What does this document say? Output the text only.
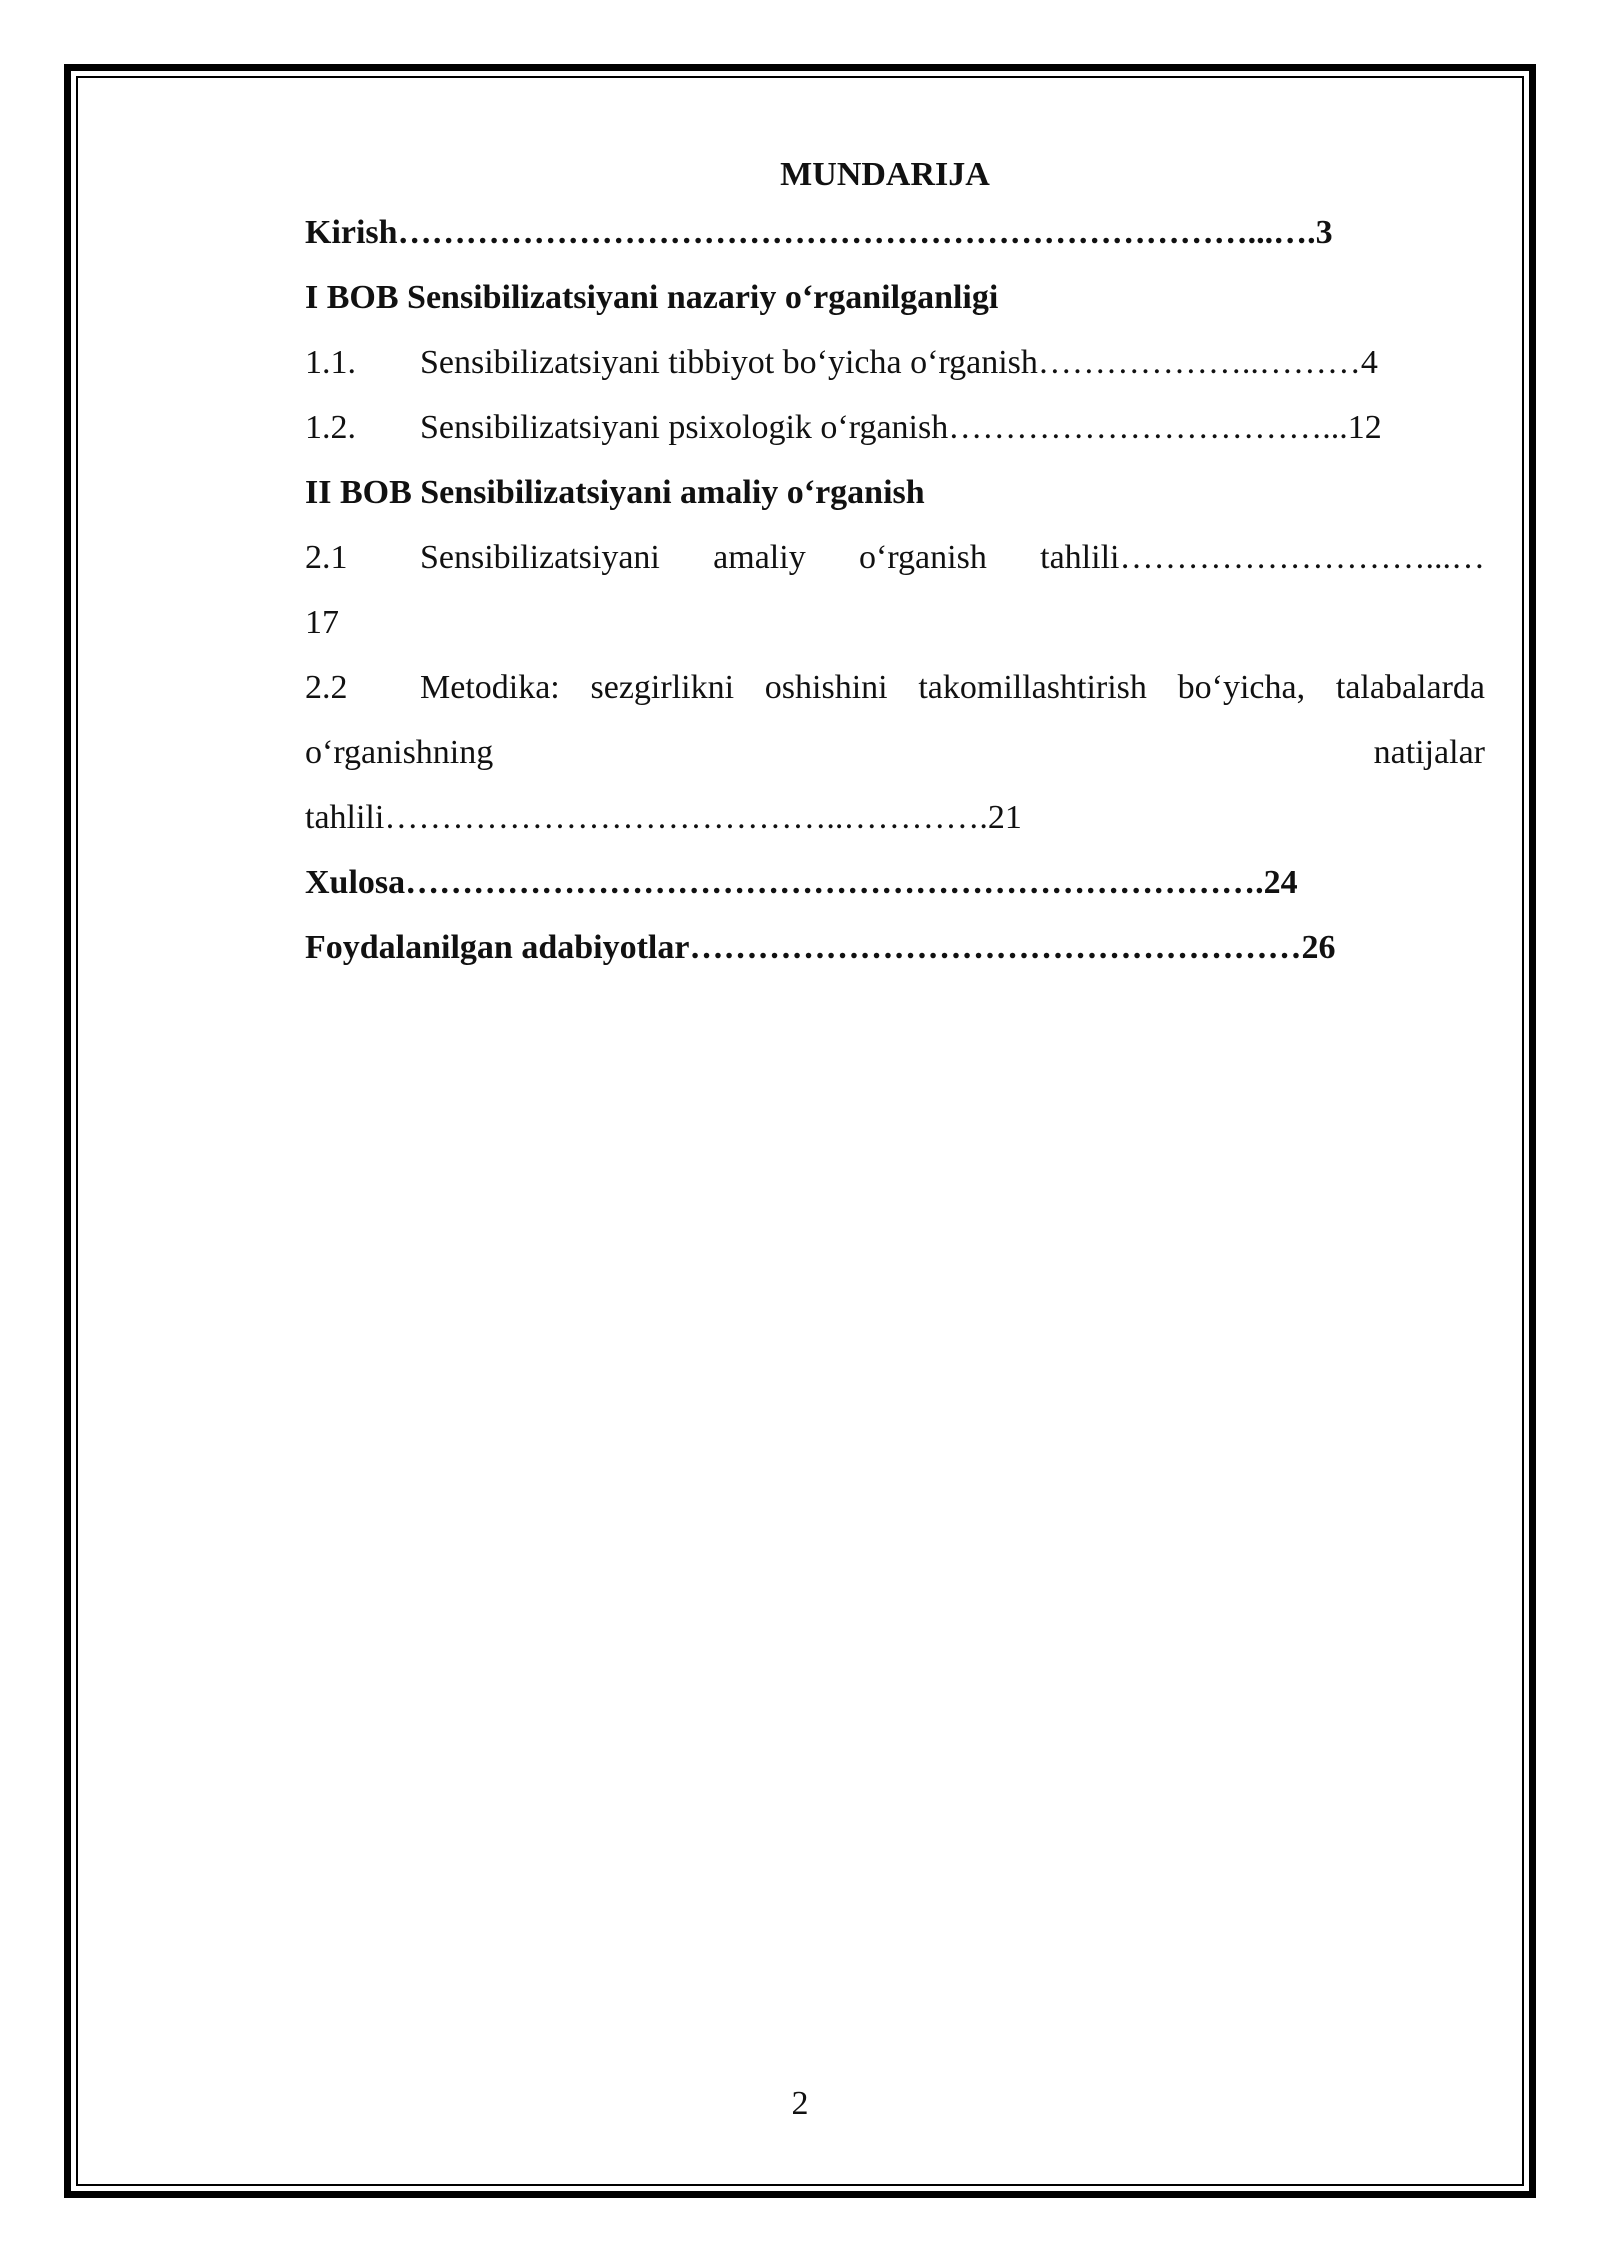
MUNDARIJA
Kirish…………………………………………………………………...….3
I BOB Sensibilizatsiyani nazariy o‘rganilganligi
1.1. Sensibilizatsiyani tibbiyot bo‘yicha o‘rganish………………..………4
1.2. Sensibilizatsiyani psixologik o‘rganish……………………………...12
II BOB Sensibilizatsiyani amaliy o‘rganish
2.1	Sensibilizatsiyani amaliy o‘rganish tahlili………………………...…
17
2.2	Metodika: sezgirlikni oshishini takomillashtirish bo‘yicha, talabalarda
o‘rganishning	natijalar
tahlili…………………………………..………….21
Xulosa………………………………………………………………….24
Foydalanilgan adabiyotlar………………………………………………26
2
